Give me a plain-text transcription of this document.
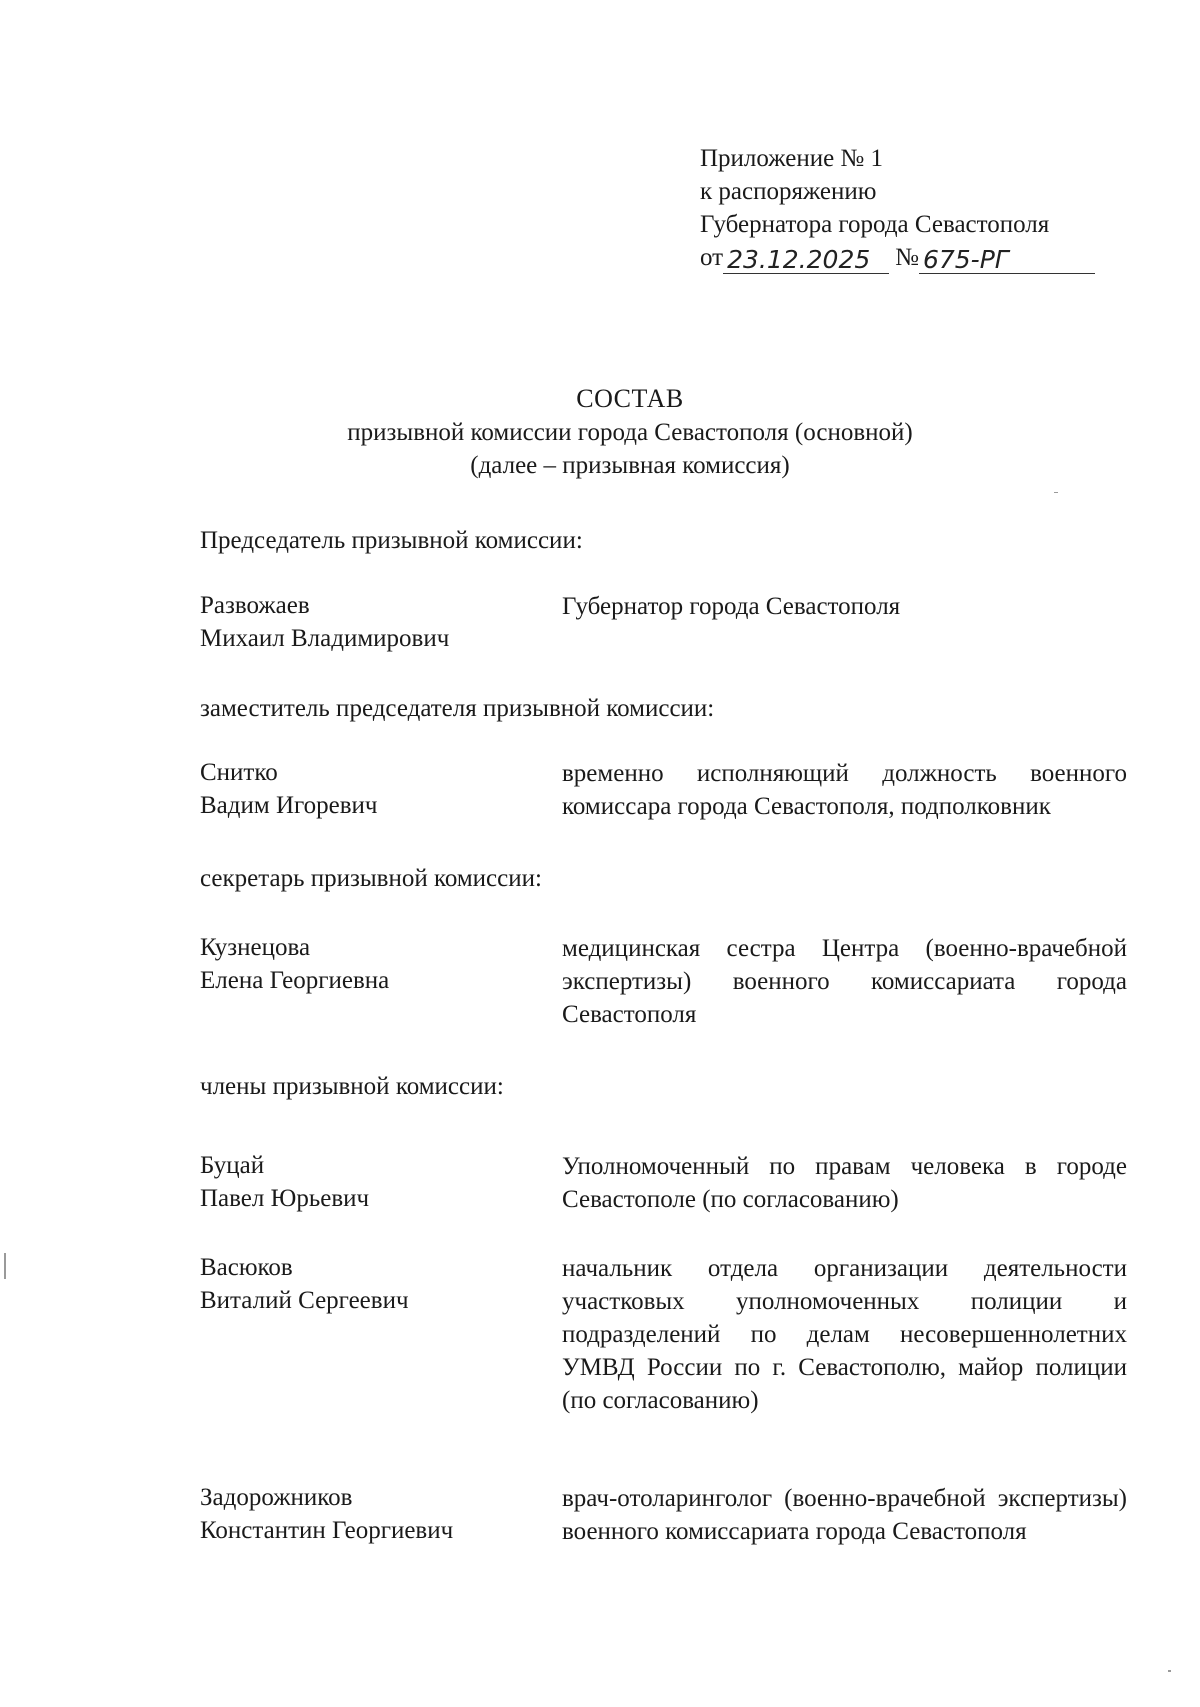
Приложение № 1
к распоряжению
Губернатора города Севастополя
от 23.12.2025 № 675-РГ
СОСТАВ
призывной комиссии города Севастополя (основной)
(далее – призывная комиссия)
Председатель призывной комиссии:
Развожаев
Михаил Владимирович
Губернатор города Севастополя
заместитель председателя призывной комиссии:
Снитко
Вадим Игоревич
временно исполняющий должность военного комиссара города Севастополя, подполковник
секретарь призывной комиссии:
Кузнецова
Елена Георгиевна
медицинская сестра Центра (военно-врачебной экспертизы) военного комиссариата города Севастополя
члены призывной комиссии:
Буцай
Павел Юрьевич
Уполномоченный по правам человека в городе Севастополе (по согласованию)
Васюков
Виталий Сергеевич
начальник отдела организации деятельности участковых уполномоченных полиции и подразделений по делам несовершеннолетних УМВД России по г. Севастополю, майор полиции (по согласованию)
Задорожников
Константин Георгиевич
врач-отоларинголог (военно-врачебной экспертизы) военного комиссариата города Севастополя
